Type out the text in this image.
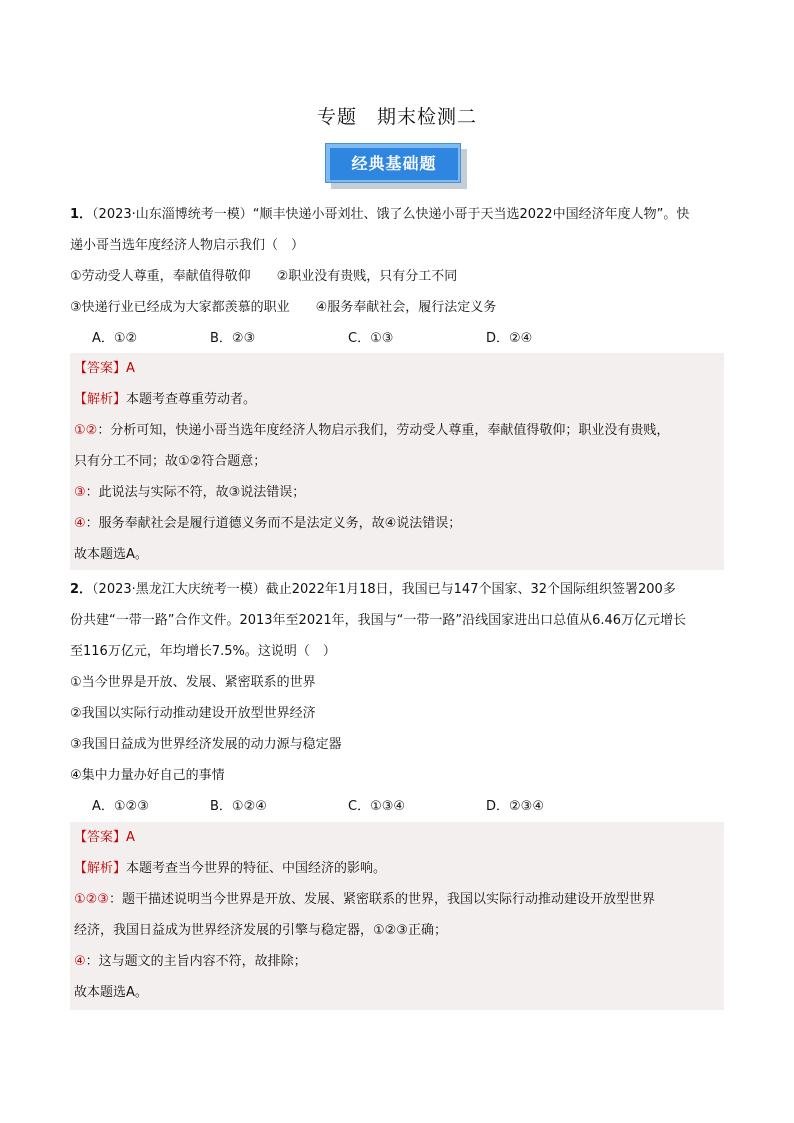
专题　期末检测二
经典基础题

1．（2023·山东淄博统考一模）“顺丰快递小哥刘壮、饿了么快递小哥于天当选2022中国经济年度人物”。快

递小哥当选年度经济人物启示我们（　）

①劳动受人尊重，奉献值得敬仰　　②职业没有贵贱，只有分工不同

③快递行业已经成为大家都羡慕的职业　　④服务奉献社会，履行法定义务

A．①②	B．②③	C．①③	D．②④

【答案】A

【解析】本题考查尊重劳动者。

①②：分析可知，快递小哥当选年度经济人物启示我们，劳动受人尊重，奉献值得敬仰；职业没有贵贱，

只有分工不同；故①②符合题意；

③：此说法与实际不符，故③说法错误；

④：服务奉献社会是履行道德义务而不是法定义务，故④说法错误；

故本题选A。

2．（2023·黑龙江大庆统考一模）截止2022年1月18日，我国已与147个国家、32个国际组织签署200多

份共建“一带一路”合作文件。2013年至2021年，我国与“一带一路”沿线国家进出口总值从6.46万亿元增长

至116万亿元，年均增长7.5%。这说明（　）

①当今世界是开放、发展、紧密联系的世界

②我国以实际行动推动建设开放型世界经济

③我国日益成为世界经济发展的动力源与稳定器

④集中力量办好自己的事情

A．①②③	B．①②④	C．①③④	D．②③④

【答案】A

【解析】本题考查当今世界的特征、中国经济的影响。

①②③：题干描述说明当今世界是开放、发展、紧密联系的世界，我国以实际行动推动建设开放型世界

经济，我国日益成为世界经济发展的引擎与稳定器，①②③正确；

④：这与题文的主旨内容不符，故排除；

故本题选A。
